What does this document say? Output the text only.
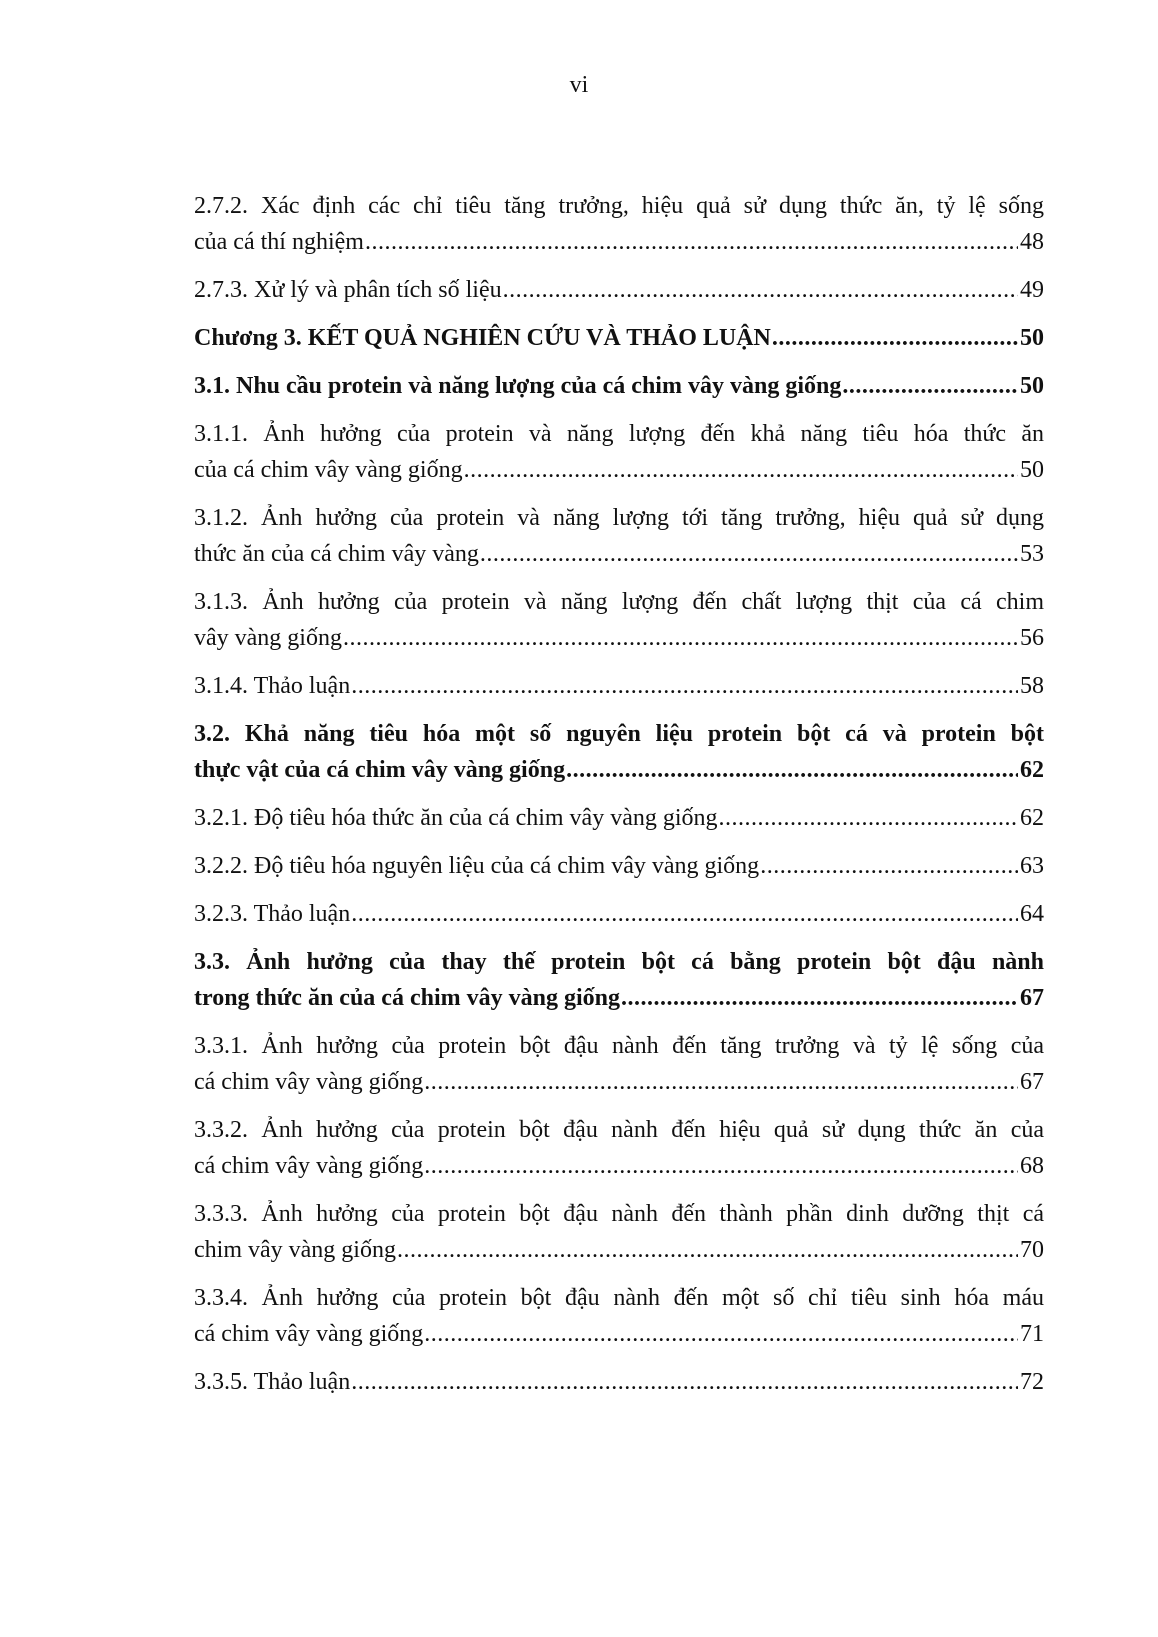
vi
2.7.2. Xác định các chỉ tiêu tăng trưởng, hiệu quả sử dụng thức ăn, tỷ lệ sống
của cá thí nghiệm .....	48
2.7.3. Xử lý và phân tích số liệu .....	49
Chương 3. KẾT QUẢ NGHIÊN CỨU VÀ THẢO LUẬN .....	50
3.1. Nhu cầu protein và năng lượng của cá chim vây vàng giống .....	50
3.1.1. Ảnh hưởng của protein và năng lượng đến khả năng tiêu hóa thức ăn
của cá chim vây vàng giống .....	50
3.1.2. Ảnh hưởng của protein và năng lượng tới tăng trưởng, hiệu quả sử dụng
thức ăn của cá chim vây vàng .....	53
3.1.3. Ảnh hưởng của protein và năng lượng đến chất lượng thịt của cá chim
vây vàng giống .....	56
3.1.4. Thảo luận .....	58
3.2. Khả năng tiêu hóa một số nguyên liệu protein bột cá và protein bột
thực vật của cá chim vây vàng giống .....	62
3.2.1. Độ tiêu hóa thức ăn của cá chim vây vàng giống .....	62
3.2.2. Độ tiêu hóa nguyên liệu của cá chim vây vàng giống .....	63
3.2.3. Thảo luận .....	64
3.3. Ảnh hưởng của thay thế protein bột cá bằng protein bột đậu nành
trong thức ăn của cá chim vây vàng giống .....	67
3.3.1. Ảnh hưởng của protein bột đậu nành đến tăng trưởng và tỷ lệ sống của
cá chim vây vàng giống .....	67
3.3.2. Ảnh hưởng của protein bột đậu nành đến hiệu quả sử dụng thức ăn của
cá chim vây vàng giống .....	68
3.3.3. Ảnh hưởng của protein bột đậu nành đến thành phần dinh dưỡng thịt cá
chim vây vàng giống .....	70
3.3.4. Ảnh hưởng của protein bột đậu nành đến một số chỉ tiêu sinh hóa máu
cá chim vây vàng giống .....	71
3.3.5. Thảo luận .....	72
